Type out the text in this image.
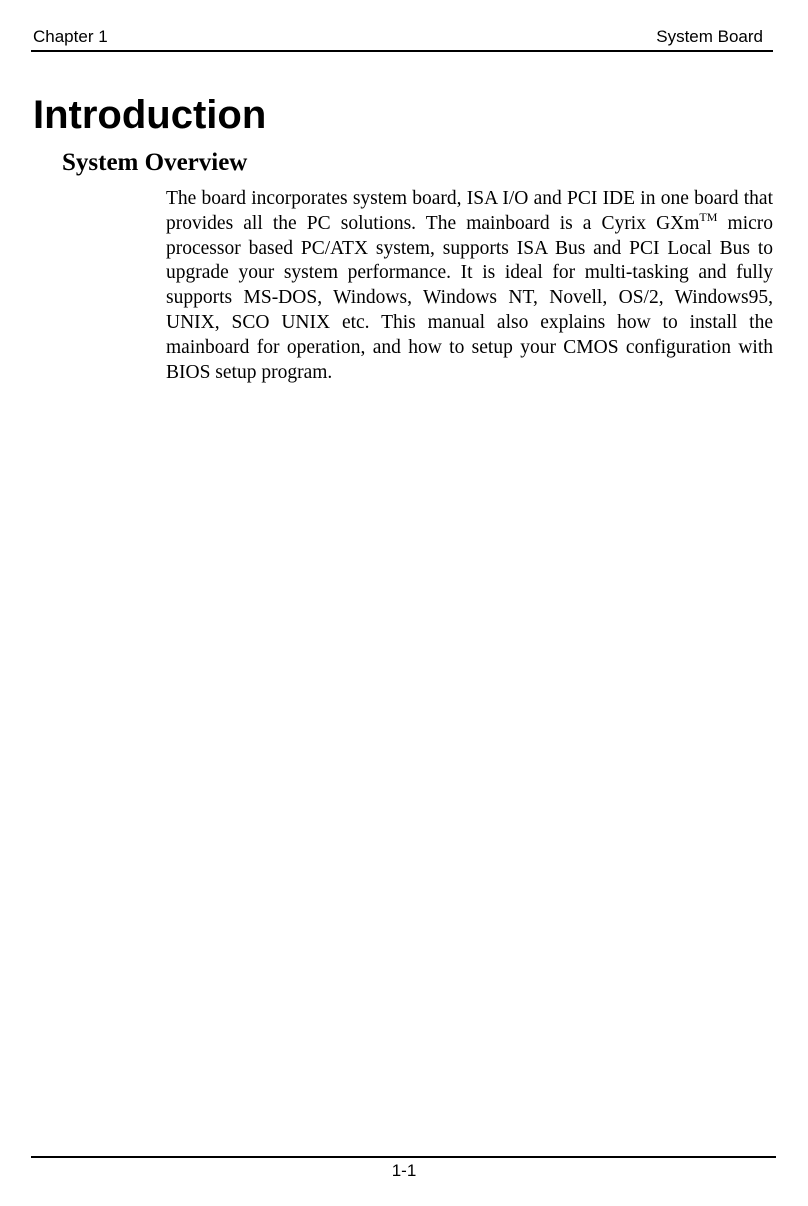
Chapter 1	System Board
Introduction
System Overview

The board incorporates system board, ISA I/O and PCI IDE in one board that provides all the PC solutions. The mainboard is a Cyrix GXm™ micro processor based PC/ATX system, supports ISA Bus and PCI Local Bus to upgrade your system performance. It is ideal for multi-tasking and fully supports MS-DOS, Windows, Windows NT, Novell, OS/2, Windows95, UNIX, SCO UNIX etc. This manual also explains how to install the mainboard for operation, and how to setup your CMOS configuration with BIOS setup program.

1-1
